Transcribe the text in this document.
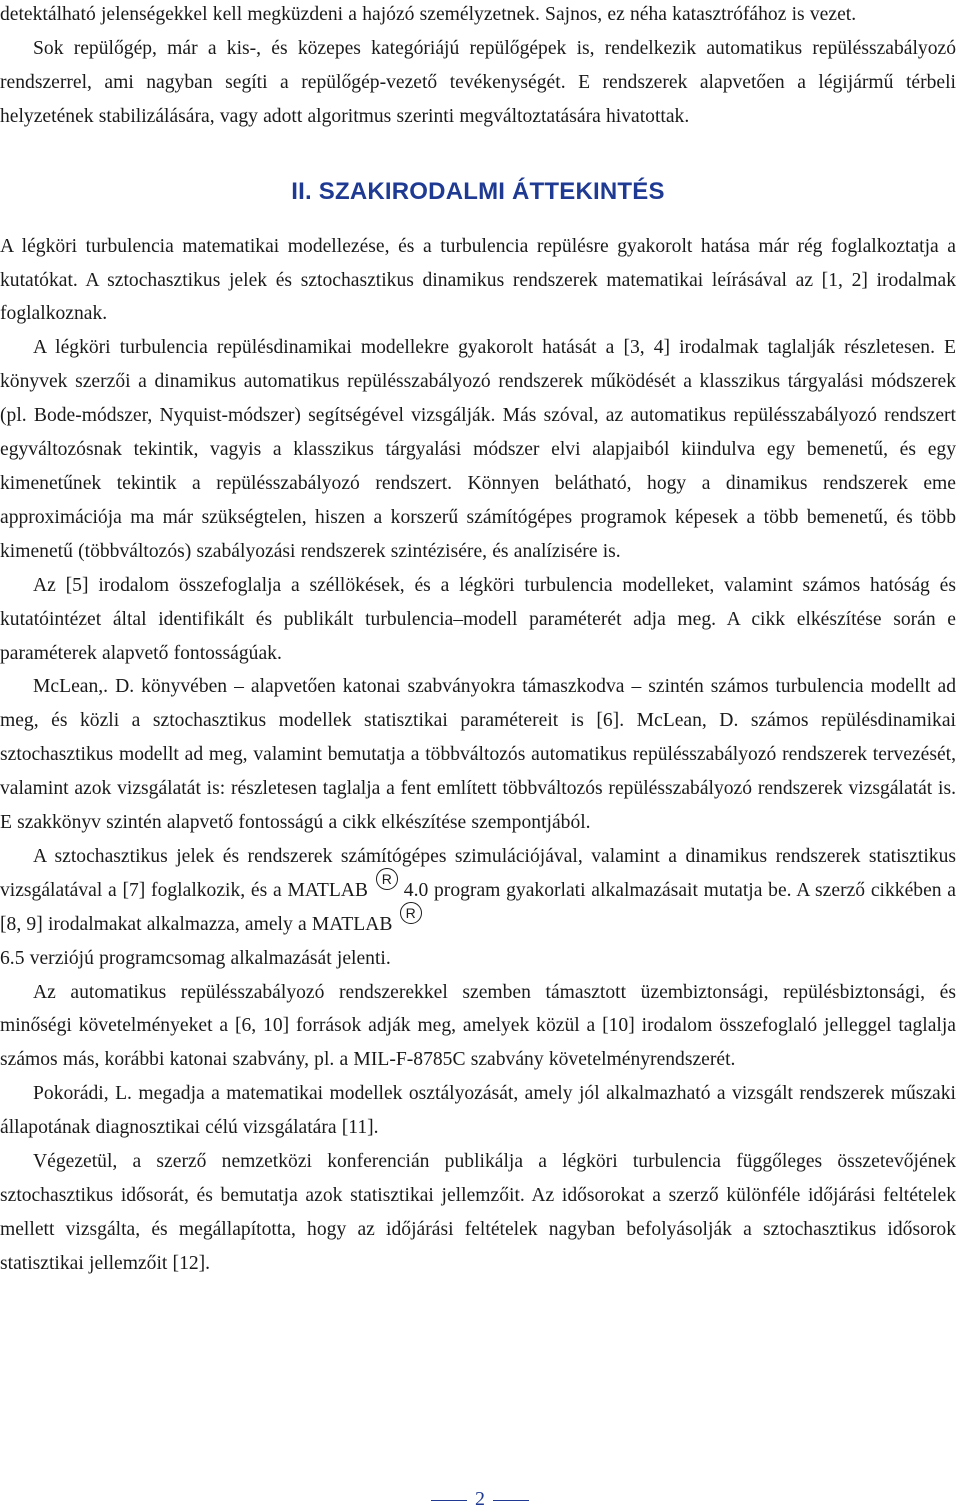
detektálható jelenségekkel kell megküzdeni a hajózó személyzetnek. Sajnos, ez néha katasztrófához is vezet.

Sok repülőgép, már a kis-, és közepes kategóriájú repülőgépek is, rendelkezik automatikus repülésszabályozó rendszerrel, ami nagyban segíti a repülőgép-vezető tevékenységét. E rendszerek alapvetően a légijármű térbeli helyzetének stabilizálására, vagy adott algoritmus szerinti megváltoztatására hivatottak.

II. SZAKIRODALMI ÁTTEKINTÉS

A légköri turbulencia matematikai modellezése, és a turbulencia repülésre gyakorolt hatása már rég foglalkoztatja a kutatókat. A sztochasztikus jelek és sztochasztikus dinamikus rendszerek matematikai leírásával az [1, 2] irodalmak foglalkoznak.

A légköri turbulencia repülésdinamikai modellekre gyakorolt hatását a [3, 4] irodalmak taglalják részletesen. E könyvek szerzői a dinamikus automatikus repülésszabályozó rendszerek működését a klasszikus tárgyalási módszerek (pl. Bode-módszer, Nyquist-módszer) segítségével vizsgálják. Más szóval, az automatikus repülésszabályozó rendszert egyváltozósnak tekintik, vagyis a klasszikus tárgyalási módszer elvi alapjaiból kiindulva egy bemenetű, és egy kimenetűnek tekintik a repülésszabályozó rendszert. Könnyen belátható, hogy a dinamikus rendszerek eme approximációja ma már szükségtelen, hiszen a korszerű számítógépes programok képesek a több bemenetű, és több kimenetű (többváltozós) szabályozási rendszerek szintézisére, és analízisére is.

Az [5] irodalom összefoglalja a széllökések, és a légköri turbulencia modelleket, valamint számos hatóság és kutatóintézet által identifikált és publikált turbulencia–modell paraméterét adja meg. A cikk elkészítése során e paraméterek alapvető fontosságúak.

McLean,. D. könyvében – alapvetően katonai szabványokra támaszkodva – szintén számos turbulencia modellt ad meg, és közli a sztochasztikus modellek statisztikai paramétereit is [6]. McLean, D. számos repülésdinamikai sztochasztikus modellt ad meg, valamint bemutatja a többváltozós automatikus repülésszabályozó rendszerek tervezését, valamint azok vizsgálatát is: részletesen taglalja a fent említett többváltozós repülésszabályozó rendszerek vizsgálatát is. E szakkönyv szintén alapvető fontosságú a cikk elkészítése szempontjából.

A sztochasztikus jelek és rendszerek számítógépes szimulációjával, valamint a dinamikus rendszerek statisztikus vizsgálatával a [7] foglalkozik, és a MATLAB R4.0 program gyakorlati alkalmazásait mutatja be. A szerző cikkében a [8, 9] irodalmakat alkalmazza, amely a MATLAB R
6.5 verziójú programcsomag alkalmazását jelenti.

Az automatikus repülésszabályozó rendszerekkel szemben támasztott üzembiztonsági, repülésbiztonsági, és minőségi követelményeket a [6, 10] források adják meg, amelyek közül a [10] irodalom összefoglaló jelleggel taglalja számos más, korábbi katonai szabvány, pl. a MIL-F-8785C szabvány követelményrendszerét.

Pokorádi, L. megadja a matematikai modellek osztályozását, amely jól alkalmazható a vizsgált rendszerek műszaki állapotának diagnosztikai célú vizsgálatára [11].

Végezetül, a szerző nemzetközi konferencián publikálja a légköri turbulencia függőleges összetevőjének sztochasztikus idősorát, és bemutatja azok statisztikai jellemzőit. Az idősorokat a szerző különféle időjárási feltételek mellett vizsgálta, és megállapította, hogy az időjárási feltételek nagyban befolyásolják a sztochasztikus idősorok statisztikai jellemzőit [12].

2
